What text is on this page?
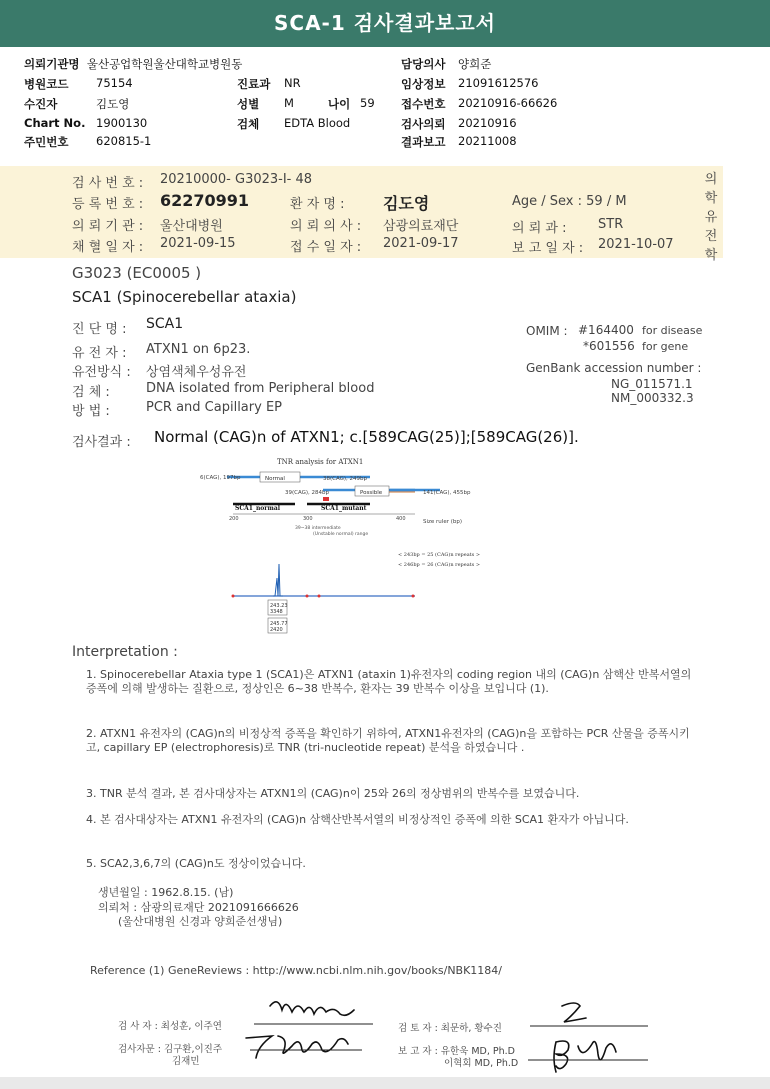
SCA-1 검사결과보고서
의뢰기관명 울산공업학원울산대학교병원동
병원코드 75154
수진자	김도영
Chart No. 1900130
주민번호 620815-1
진료과 NR
성별 M	나이 59
검체 EDTA Blood
담당의사 양희준
임상정보 21091612576
접수번호 20210916-66626
검사의뢰 20210916
결과보고 20211008
의
학
유
전
학
검 사 번 호 : 20210000- G3023-I- 48
등 록 번 호 : 62270991	환 자 명 : 김도영	Age / Sex : 59 / M
의 뢰 기 관 : 울산대병원	의 뢰 의 사 : 삼광의료재단	의 뢰 과 : STR
채 혈 일 자 : 2021-09-15	접 수 일 자 : 2021-09-17	보 고 일 자 : 2021-10-07
G3023 (EC0005 )
SCA1 (Spinocerebellar ataxia)
진 단 명 : SCA1
유 전 자 : ATXN1 on 6p23.
유전방식 : 상염색체우성유전
검 체 :	DNA isolated from Peripheral blood
방 법 :	PCR and Capillary EP
OMIM : #164400 for disease
*601556 for gene
GenBank accession number :
NG_011571.1
NM_000332.3
검사결과 : Normal (CAG)n of ATXN1; c.[589CAG(25)];[589CAG(26)].
TNR analysis for ATXN1
6(CAG), 197bp	Normal	38(CAG), 249bp
39(CAG), 284bp	Possible	141(CAG), 455bp
SCA1_normal	SCA1_mutant
200	300	400	Size ruler (bp)
39~38 intermediate
(Unstable normal) range
< 243bp = 25 (CAG)n repeats >
< 246bp = 26 (CAG)n repeats >
243.23
3348
245.77
2420
Interpretation :
1. Spinocerebellar Ataxia type 1 (SCA1)은 ATXN1 (ataxin 1)유전자의 coding region 내의 (CAG)n 삼핵산 반복서열의 증폭에 의해 발생하는 질환으로, 정상인은 6~38 반복수, 환자는 39 반복수 이상을 보입니다 (1).
2. ATXN1 유전자의 (CAG)n의 비정상적 증폭을 확인하기 위하여, ATXN1유전자의 (CAG)n을 포함하는 PCR 산물을 증폭시키고, capillary EP (electrophoresis)로 TNR (tri-nucleotide repeat) 분석을 하였습니다 .
3. TNR 분석 결과, 본 검사대상자는 ATXN1의 (CAG)n이 25와 26의 정상범위의 반복수를 보였습니다.
4. 본 검사대상자는 ATXN1 유전자의 (CAG)n 삼핵산반복서열의 비정상적인 증폭에 의한 SCA1 환자가 아닙니다.
5. SCA2,3,6,7의 (CAG)n도 정상이었습니다.
생년월일 : 1962.8.15. (남)
의뢰처 : 삼광의료재단 2021091666626
(울산대병원 신경과 양희준선생님)
Reference (1) GeneReviews : http://www.ncbi.nlm.nih.gov/books/NBK1184/
검 사 자 : 최성훈, 이주연	검 토 자 : 최문하, 황수진
검사자문 : 김구환,이진주
김재민
보 고 자 : 유한욱 MD, Ph.D
이혁회 MD, Ph.D
